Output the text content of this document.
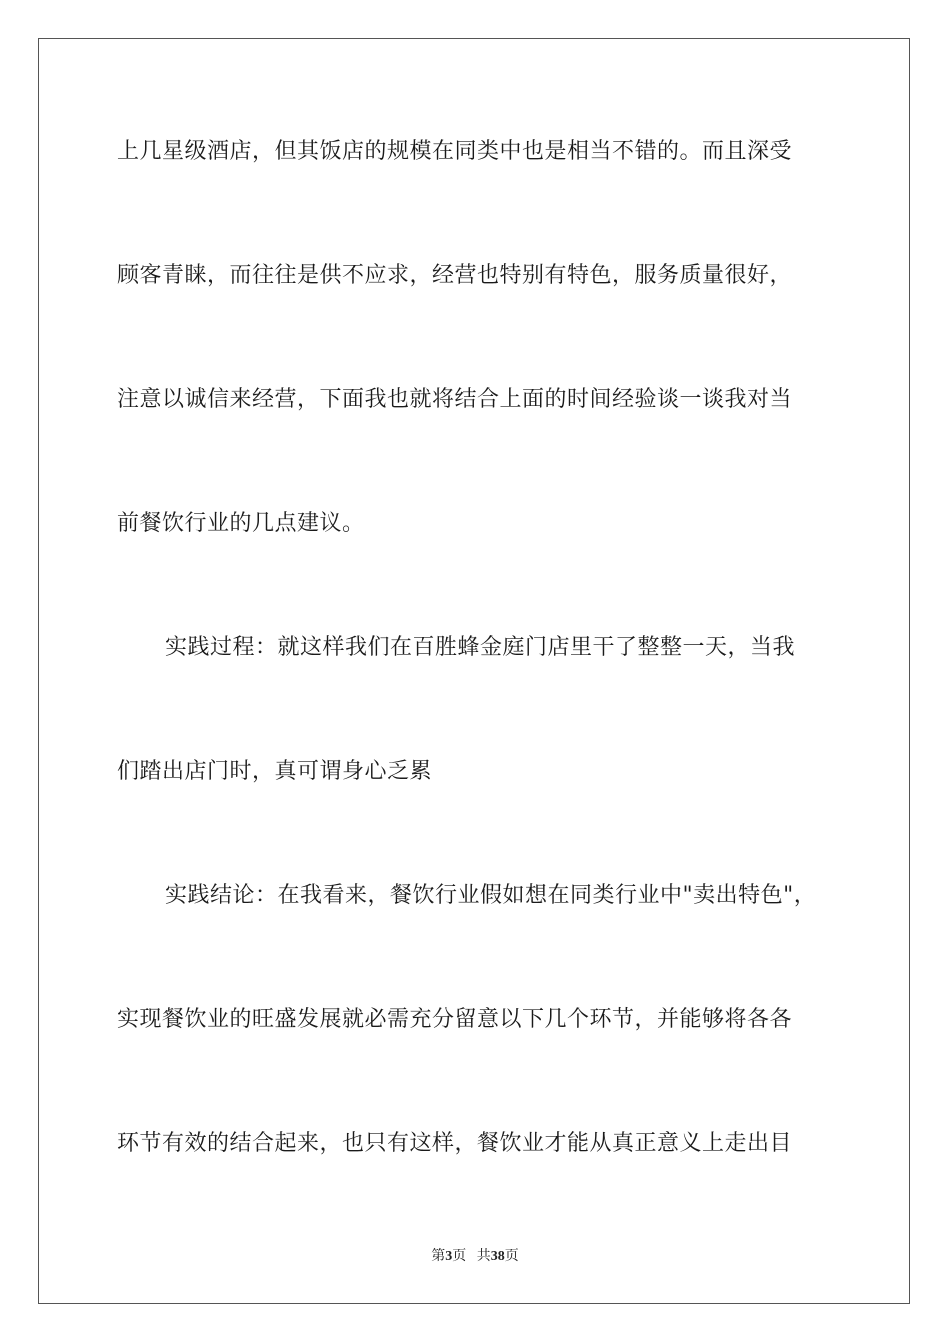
上几星级酒店，但其饭店的规模在同类中也是相当不错的。而且深受
顾客青睐，而往往是供不应求，经营也特别有特色，服务质量很好，
注意以诚信来经营，下面我也就将结合上面的时间经验谈一谈我对当
前餐饮行业的几点建议。
实践过程：就这样我们在百胜蜂金庭门店里干了整整一天，当我
们踏出店门时，真可谓身心乏累
实践结论：在我看来，餐饮行业假如想在同类行业中"卖出特色"，
实现餐饮业的旺盛发展就必需充分留意以下几个环节，并能够将各各
环节有效的结合起来，也只有这样，餐饮业才能从真正意义上走出目
第3页 共38页
